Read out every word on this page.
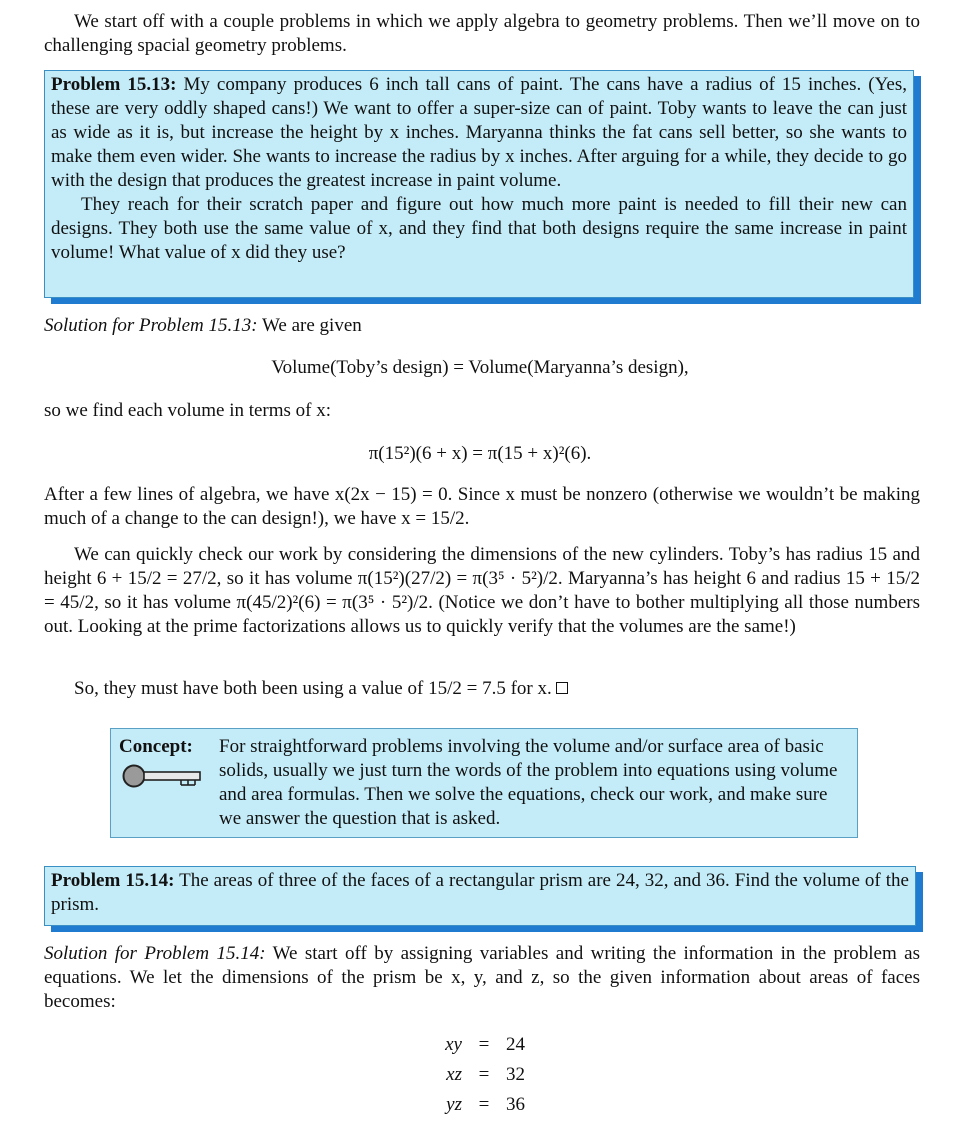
We start off with a couple problems in which we apply algebra to geometry problems. Then we’ll move on to challenging spacial geometry problems.

Problem 15.13: My company produces 6 inch tall cans of paint. The cans have a radius of 15 inches. (Yes, these are very oddly shaped cans!) We want to offer a super-size can of paint. Toby wants to leave the can just as wide as it is, but increase the height by x inches. Maryanna thinks the fat cans sell better, so she wants to make them even wider. She wants to increase the radius by x inches. After arguing for a while, they decide to go with the design that produces the greatest increase in paint volume.

They reach for their scratch paper and figure out how much more paint is needed to fill their new can designs. They both use the same value of x, and they find that both designs require the same increase in paint volume! What value of x did they use?

Solution for Problem 15.13: We are given

Volume(Toby’s design) = Volume(Maryanna’s design),

so we find each volume in terms of x:

π(15²)(6 + x) = π(15 + x)²(6).

After a few lines of algebra, we have x(2x − 15) = 0. Since x must be nonzero (otherwise we wouldn’t be making much of a change to the can design!), we have x = 15/2.

We can quickly check our work by considering the dimensions of the new cylinders. Toby’s has radius 15 and height 6 + 15/2 = 27/2, so it has volume π(15²)(27/2) = π(3⁵ · 5²)/2. Maryanna’s has height 6 and radius 15 + 15/2 = 45/2, so it has volume π(45/2)²(6) = π(3⁵ · 5²)/2. (Notice we don’t have to bother multiplying all those numbers out. Looking at the prime factorizations allows us to quickly verify that the volumes are the same!)

So, they must have both been using a value of 15/2 = 7.5 for x.

Concept: For straightforward problems involving the volume and/or surface area of basic solids, usually we just turn the words of the problem into equations using volume and area formulas. Then we solve the equations, check our work, and make sure we answer the question that is asked.

Problem 15.14: The areas of three of the faces of a rectangular prism are 24, 32, and 36. Find the volume of the prism.

Solution for Problem 15.14: We start off by assigning variables and writing the information in the problem as equations. We let the dimensions of the prism be x, y, and z, so the given information about areas of faces becomes:

xy	=	24
xz	=	32
yz	=	36
